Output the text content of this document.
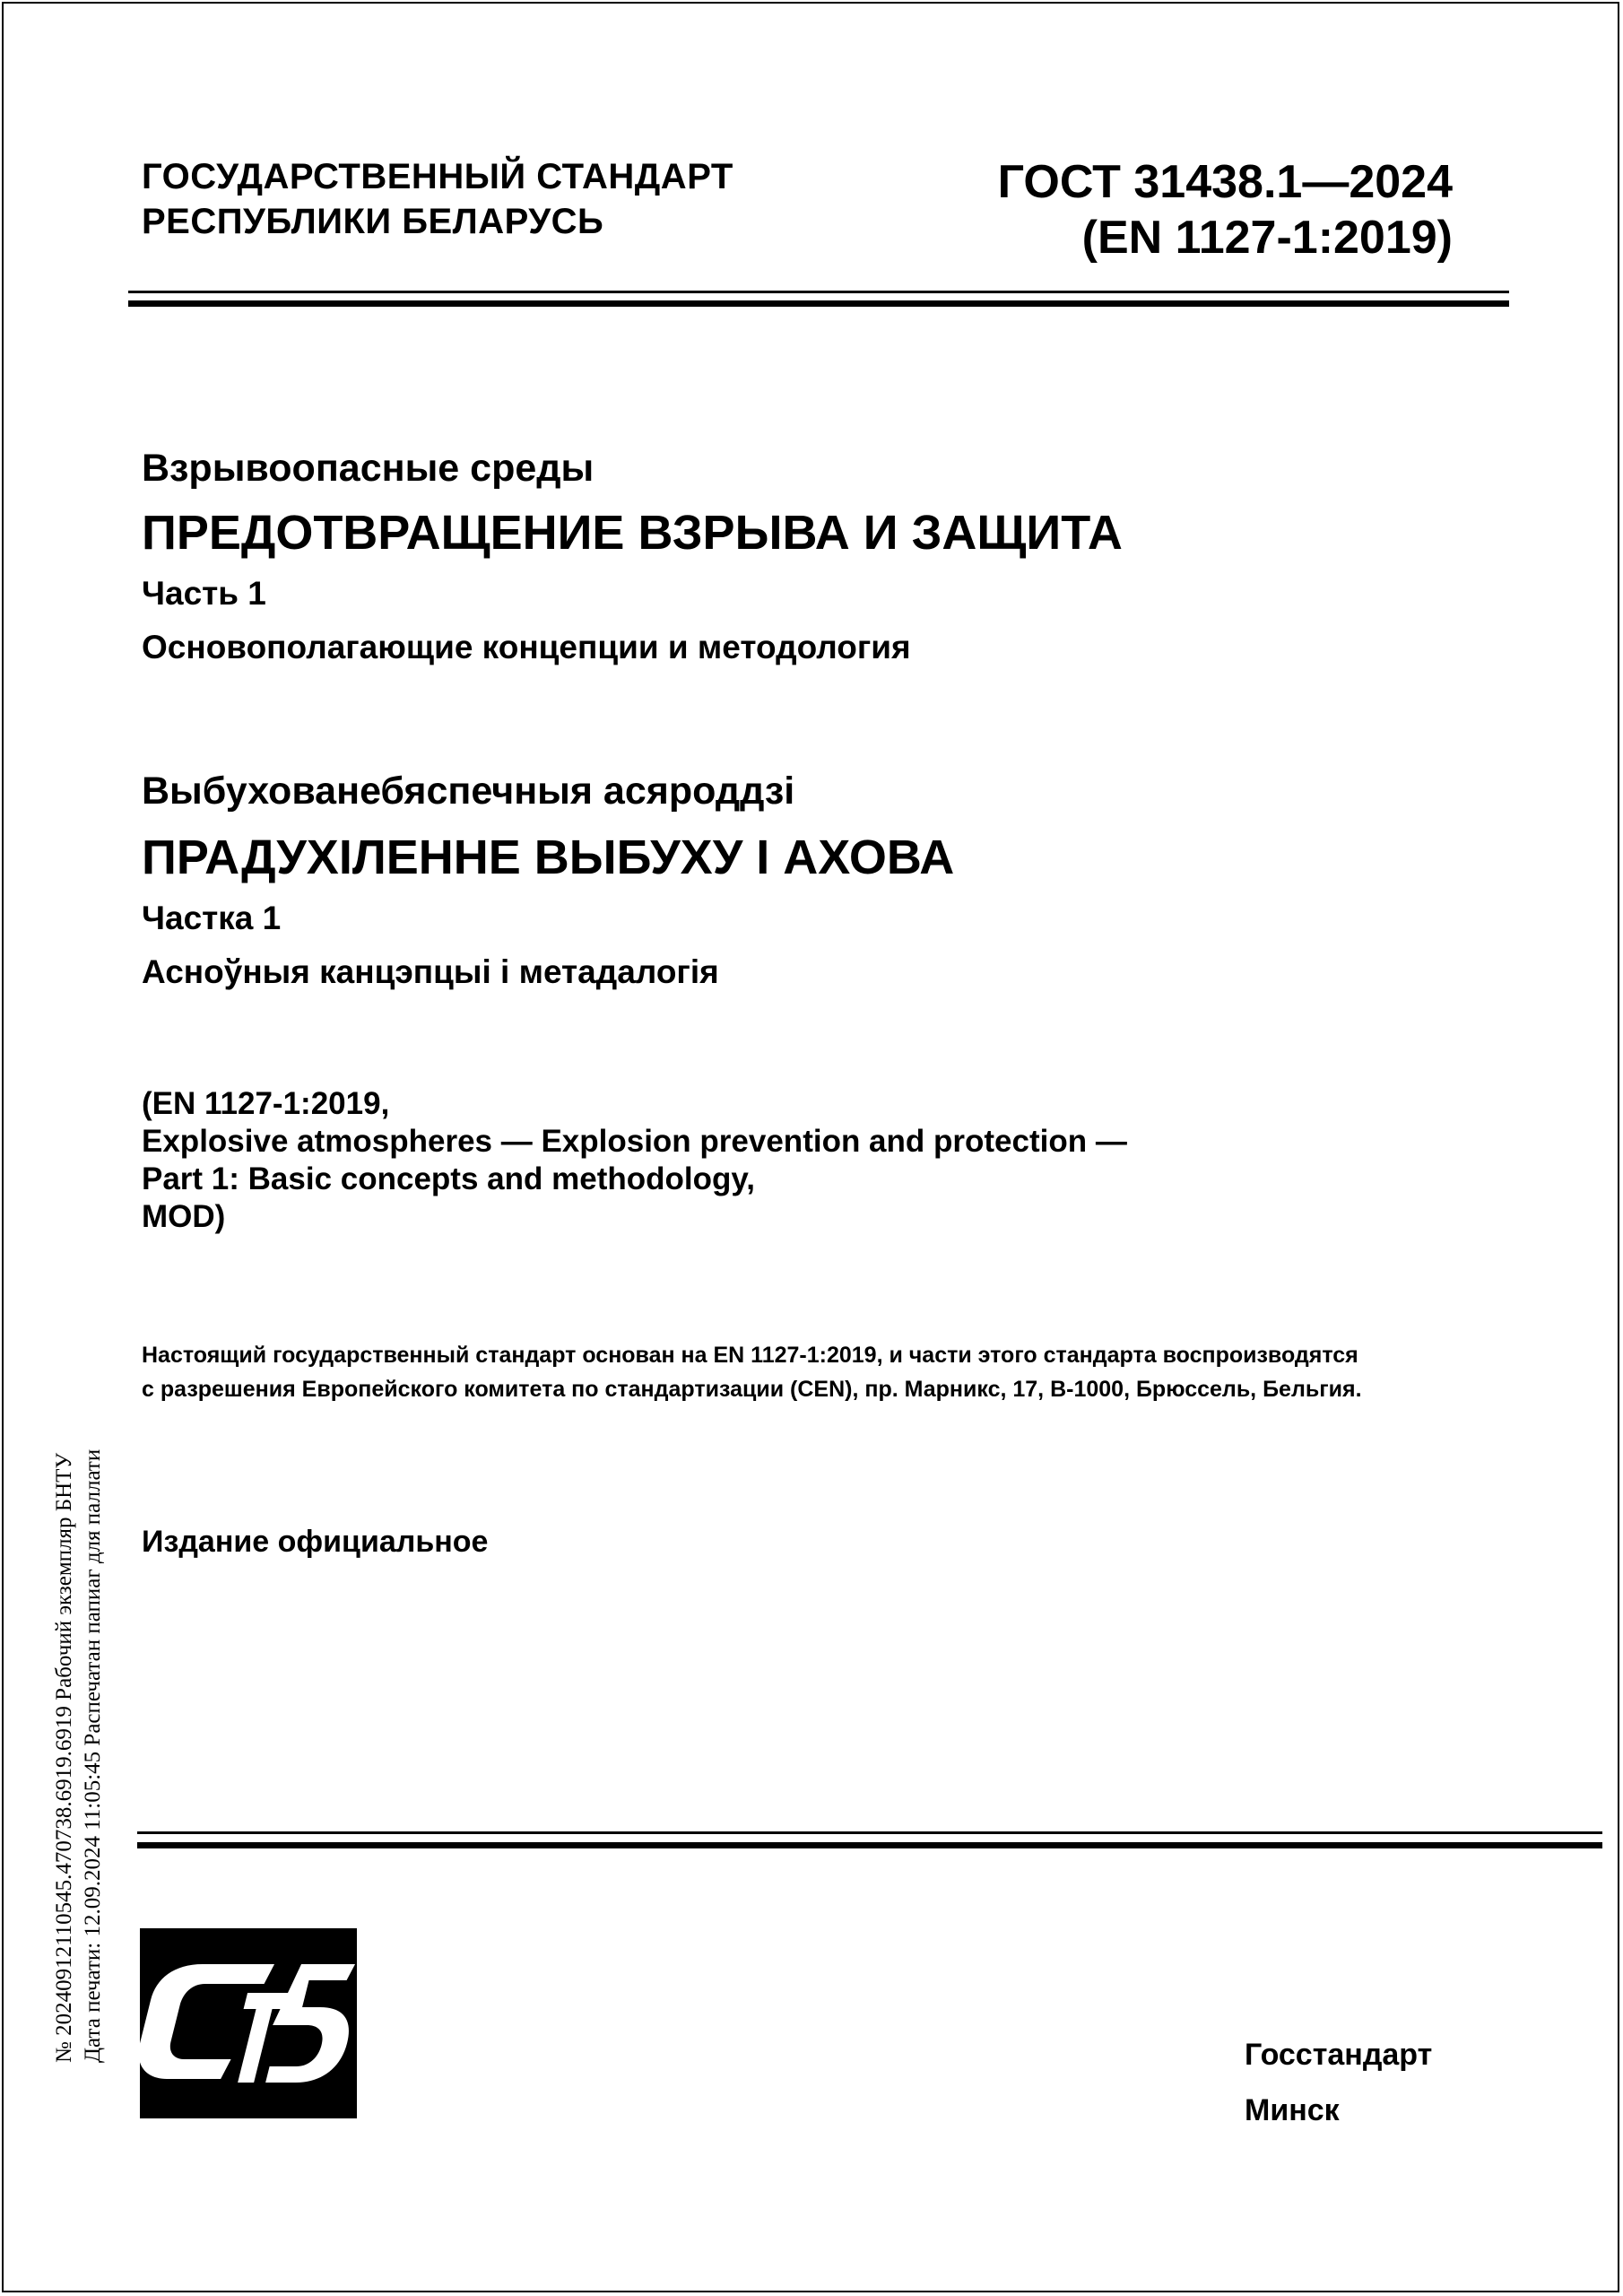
ГОСУДАРСТВЕННЫЙ СТАНДАРТ
РЕСПУБЛИКИ БЕЛАРУСЬ
ГОСТ 31438.1—2024
(EN 1127-1:2019)
Взрывоопасные среды
ПРЕДОТВРАЩЕНИЕ ВЗРЫВА И ЗАЩИТА
Часть 1
Основополагающие концепции и методология
Выбухованебяспечныя асяроддзі
ПРАДУХІЛЕННЕ ВЫБУХУ І АХОВА
Частка 1
Асноўныя канцэпцыі і метадалогія
(EN 1127-1:2019,
Explosive atmospheres — Explosion prevention and protection —
Part 1: Basic concepts and methodology,
MOD)
Настоящий государственный стандарт основан на EN 1127-1:2019, и части этого стандарта воспроизводятся
с разрешения Европейского комитета по стандартизации (CEN), пр. Марникс, 17, B-1000, Брюссель, Бельгия.
Издание официальное
Госстандарт
Минск
№ 20240912110545.470738.6919.6919 Рабочий экземпляр БНТУ Дата печати: 12.09.2024 11:05:45 Распечатан папиаг для паллати
